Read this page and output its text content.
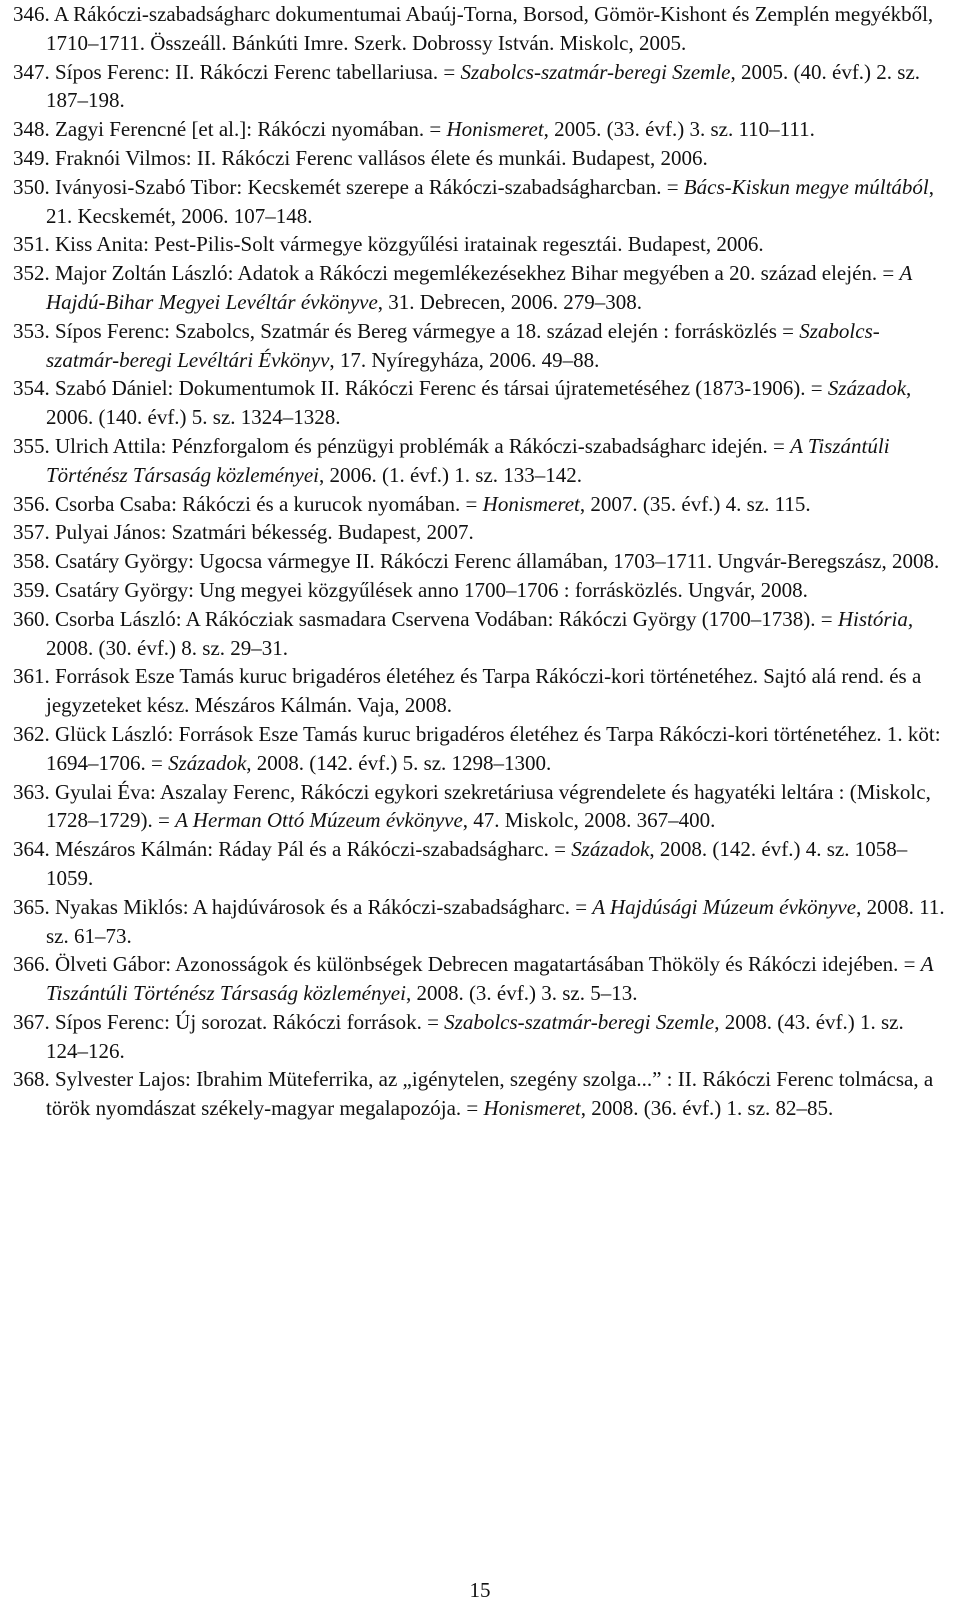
346. A Rákóczi-szabadságharc dokumentumai Abaúj-Torna, Borsod, Gömör-Kishont és Zemplén megyékből, 1710–1711. Összeáll. Bánkúti Imre. Szerk. Dobrossy István. Miskolc, 2005.

347. Sípos Ferenc: II. Rákóczi Ferenc tabellariusa. = Szabolcs-szatmár-beregi Szemle, 2005. (40. évf.) 2. sz. 187–198.

348. Zagyi Ferencné [et al.]: Rákóczi nyomában. = Honismeret, 2005. (33. évf.) 3. sz. 110–111.

349. Fraknói Vilmos: II. Rákóczi Ferenc vallásos élete és munkái. Budapest, 2006.

350. Iványosi-Szabó Tibor: Kecskemét szerepe a Rákóczi-szabadságharcban. = Bács-Kiskun megye múltából, 21. Kecskemét, 2006. 107–148.

351. Kiss Anita: Pest-Pilis-Solt vármegye közgyűlési iratainak regesztái. Budapest, 2006.

352. Major Zoltán László: Adatok a Rákóczi megemlékezésekhez Bihar megyében a 20. század elején. = A Hajdú-Bihar Megyei Levéltár évkönyve, 31. Debrecen, 2006. 279–308.

353. Sípos Ferenc: Szabolcs, Szatmár és Bereg vármegye a 18. század elején : forrásközlés = Szabolcs-szatmár-beregi Levéltári Évkönyv, 17. Nyíregyháza, 2006. 49–88.

354. Szabó Dániel: Dokumentumok II. Rákóczi Ferenc és társai újratemetéséhez (1873-1906). = Századok, 2006. (140. évf.) 5. sz. 1324–1328.

355. Ulrich Attila: Pénzforgalom és pénzügyi problémák a Rákóczi-szabadságharc idején. = A Tiszántúli Történész Társaság közleményei, 2006. (1. évf.) 1. sz. 133–142.

356. Csorba Csaba: Rákóczi és a kurucok nyomában. = Honismeret, 2007. (35. évf.) 4. sz. 115.

357. Pulyai János: Szatmári békesség. Budapest, 2007.

358. Csatáry György: Ugocsa vármegye II. Rákóczi Ferenc államában, 1703–1711. Ungvár-Beregszász, 2008.

359. Csatáry György: Ung megyei közgyűlések anno 1700–1706 : forrásközlés. Ungvár, 2008.

360. Csorba László: A Rákócziak sasmadara Cservena Vodában: Rákóczi György (1700–1738). = História, 2008. (30. évf.) 8. sz. 29–31.

361. Források Esze Tamás kuruc brigadéros életéhez és Tarpa Rákóczi-kori történetéhez. Sajtó alá rend. és a jegyzeteket kész. Mészáros Kálmán. Vaja, 2008.

362. Glück László: Források Esze Tamás kuruc brigadéros életéhez és Tarpa Rákóczi-kori történetéhez. 1. köt: 1694–1706. = Századok, 2008. (142. évf.) 5. sz. 1298–1300.

363. Gyulai Éva: Aszalay Ferenc, Rákóczi egykori szekretáriusa végrendelete és hagyatéki leltára : (Miskolc, 1728–1729). = A Herman Ottó Múzeum évkönyve, 47. Miskolc, 2008. 367–400.

364. Mészáros Kálmán: Ráday Pál és a Rákóczi-szabadságharc. = Századok, 2008. (142. évf.) 4. sz. 1058–1059.

365. Nyakas Miklós: A hajdúvárosok és a Rákóczi-szabadságharc. = A Hajdúsági Múzeum évkönyve, 2008. 11. sz. 61–73.

366. Ölveti Gábor: Azonosságok és különbségek Debrecen magatartásában Thököly és Rákóczi idejében. = A Tiszántúli Történész Társaság közleményei, 2008. (3. évf.) 3. sz. 5–13.

367. Sípos Ferenc: Új sorozat. Rákóczi források. = Szabolcs-szatmár-beregi Szemle, 2008. (43. évf.) 1. sz. 124–126.

368. Sylvester Lajos: Ibrahim Müteferrika, az „igénytelen, szegény szolga...” : II. Rákóczi Ferenc tolmácsa, a török nyomdászat székely-magyar megalapozója. = Honismeret, 2008. (36. évf.) 1. sz. 82–85.

15
